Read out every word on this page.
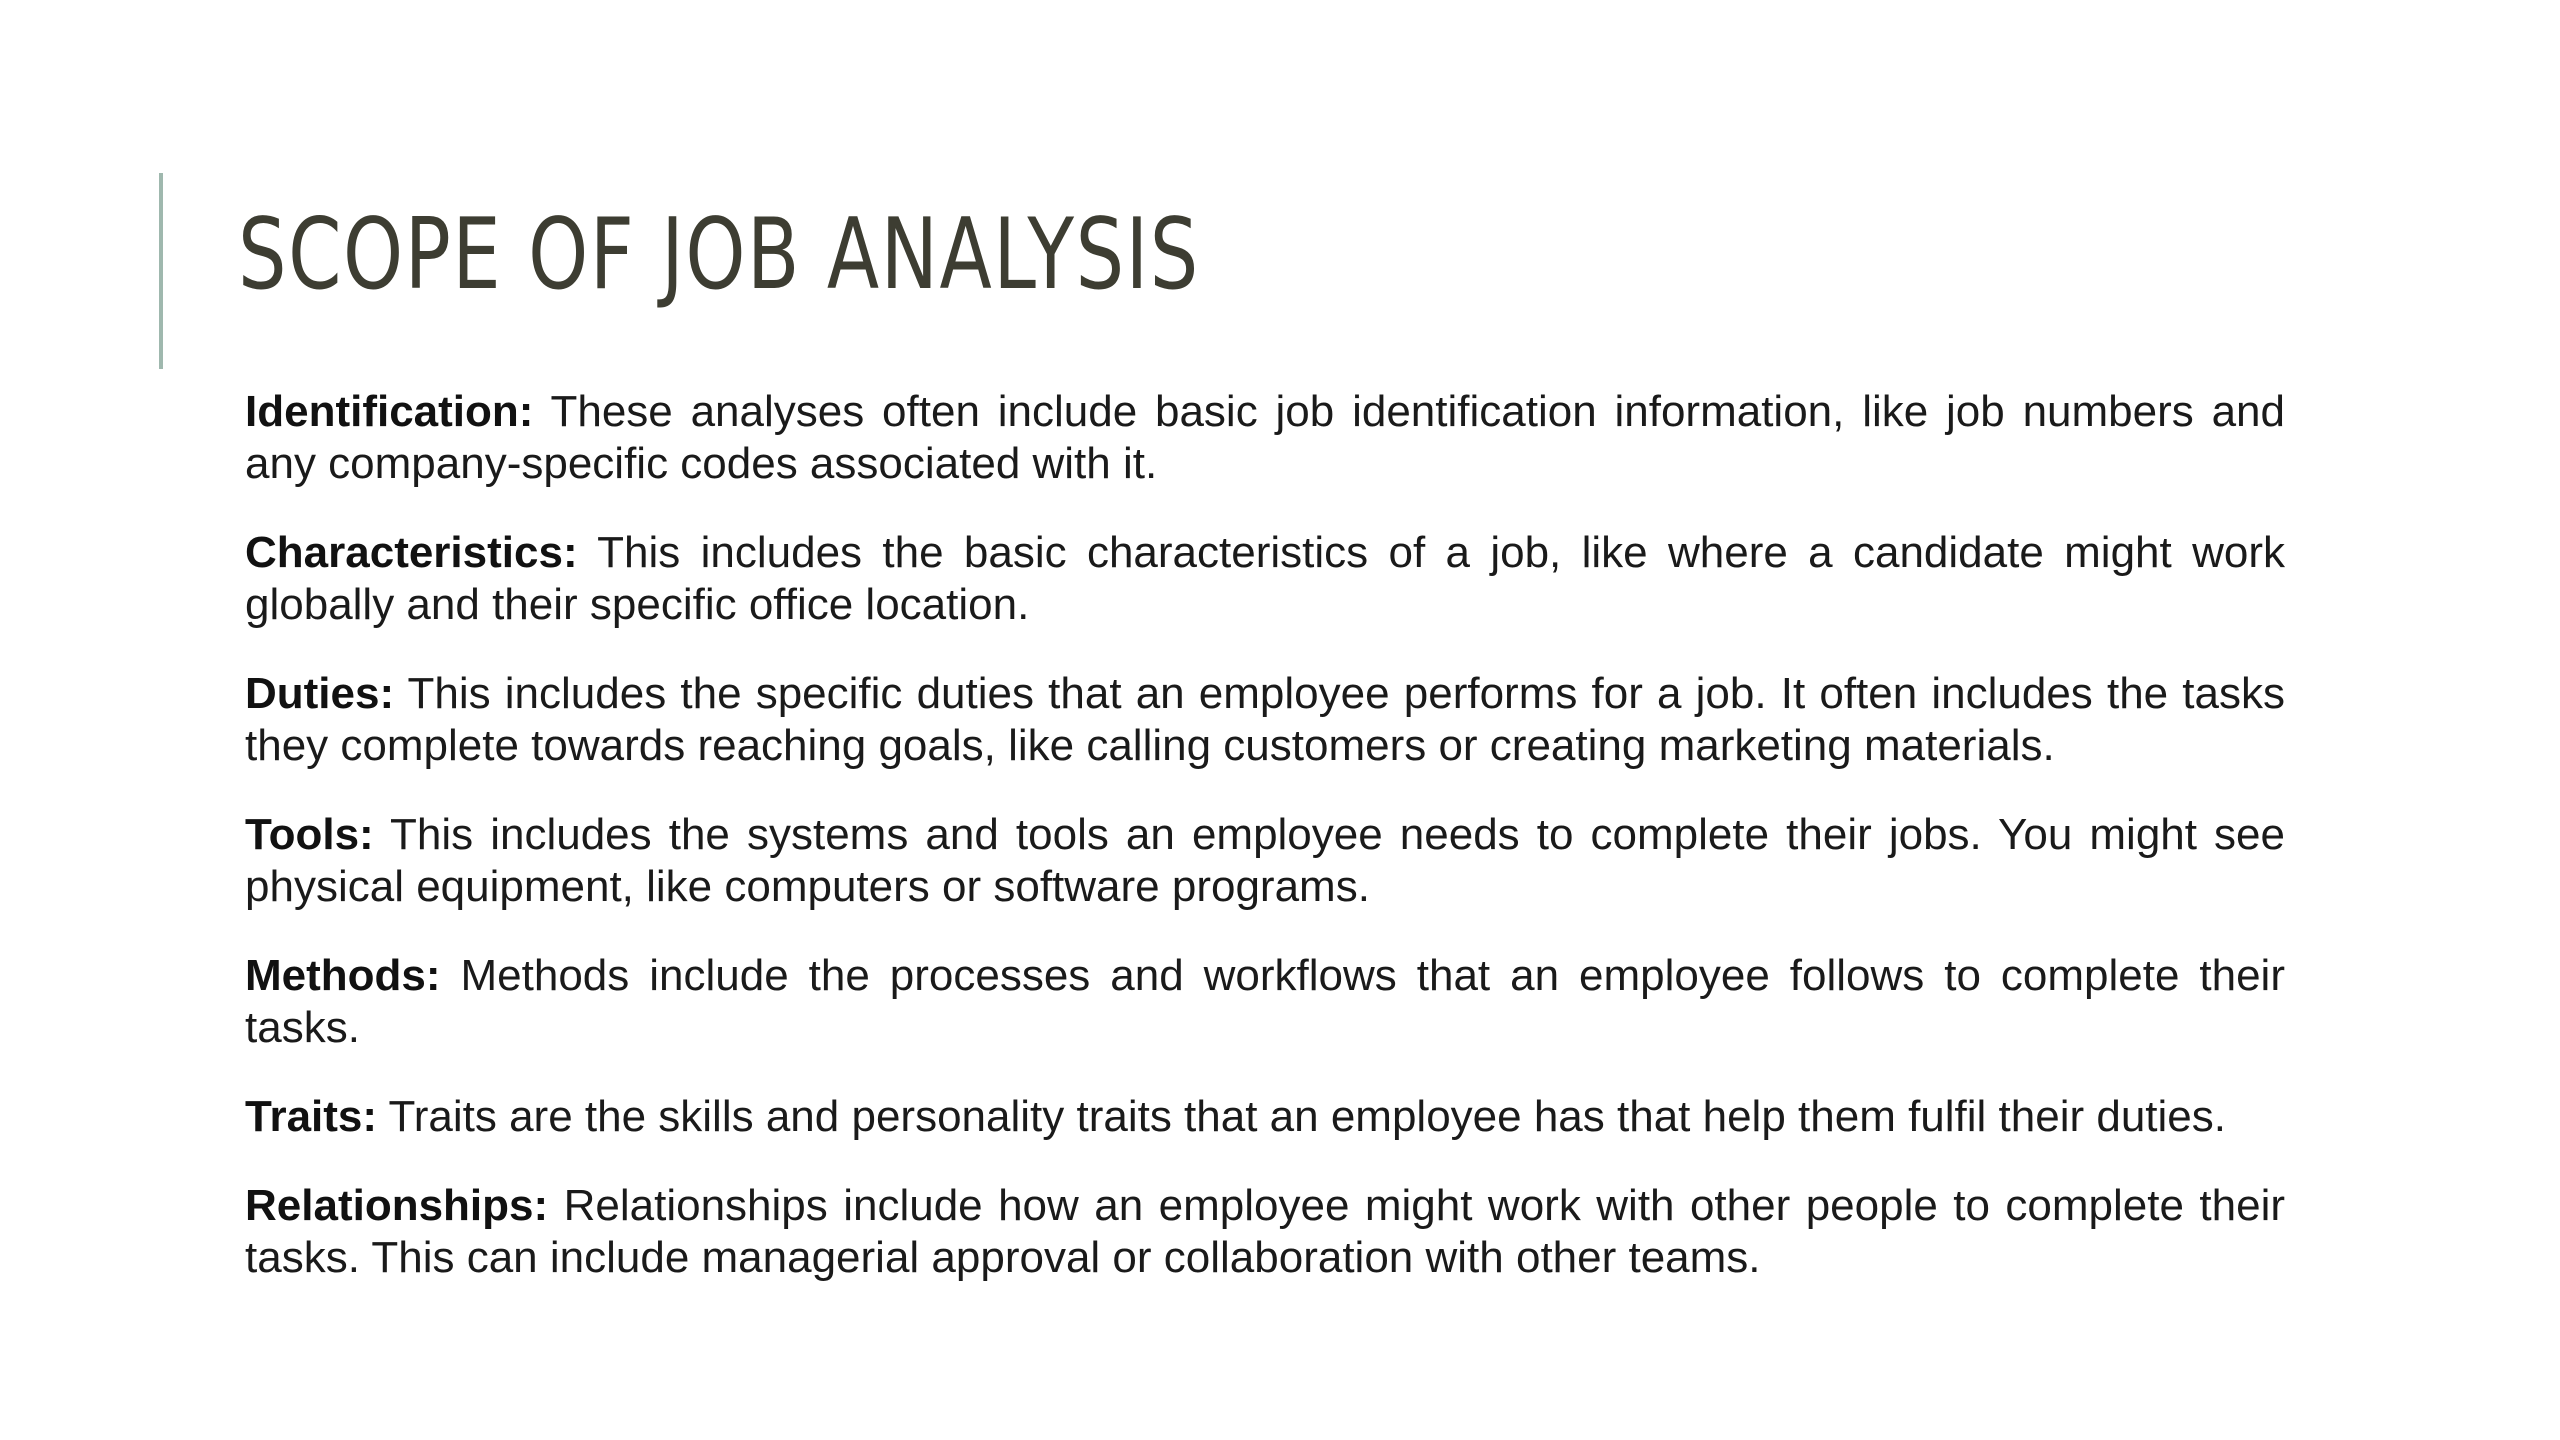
SCOPE OF JOB ANALYSIS

Identification: These analyses often include basic job identification information, like job numbers and any company-specific codes associated with it.

Characteristics: This includes the basic characteristics of a job, like where a candidate might work globally and their specific office location.

Duties: This includes the specific duties that an employee performs for a job. It often includes the tasks they complete towards reaching goals, like calling customers or creating marketing materials.

Tools: This includes the systems and tools an employee needs to complete their jobs. You might see physical equipment, like computers or software programs.

Methods: Methods include the processes and workflows that an employee follows to complete their tasks.

Traits: Traits are the skills and personality traits that an employee has that help them fulfil their duties.

Relationships: Relationships include how an employee might work with other people to complete their tasks. This can include managerial approval or collaboration with other teams.
